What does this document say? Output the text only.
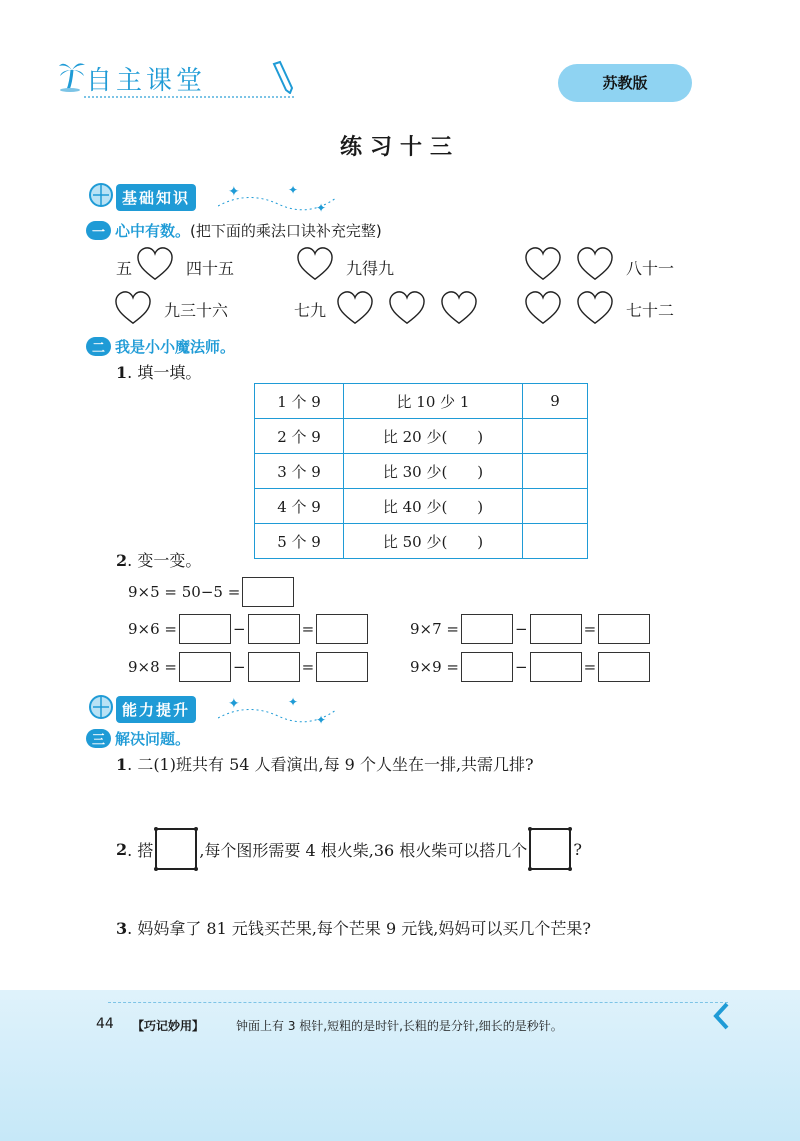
自主课堂	苏教版
练习十三
基础知识	✦	✦
✦
一 心中有数。(把下面的乘法口诀补充完整)
五	四十五	九得九	八十一
九三十六	七九	七十二
二 我是小小魔法师。
1. 填一填。
1 个 9	比 10 少 1	9
2 个 9	比 20 少(　　)	
3 个 9	比 30 少(　　)	
4 个 9	比 40 少(　　)	
5 个 9	比 50 少(　　)	
2. 变一变。
9×5 = 50−5 =
9×6 =	−	=	9×7 =	−	=
9×8 =	−	=	9×9 =	−	=
能力提升	✦	✦
✦
三 解决问题。
1. 二(1)班共有 54 人看演出,每 9 个人坐在一排,共需几排?
2 . 搭	,每个图形需要 4 根火柴,36 根火柴可以搭几个	?
3. 妈妈拿了 81 元钱买芒果,每个芒果 9 元钱,妈妈可以买几个芒果?
44 【巧记妙用】	钟面上有 3 根针,短粗的是时针,长粗的是分针,细长的是秒针。
